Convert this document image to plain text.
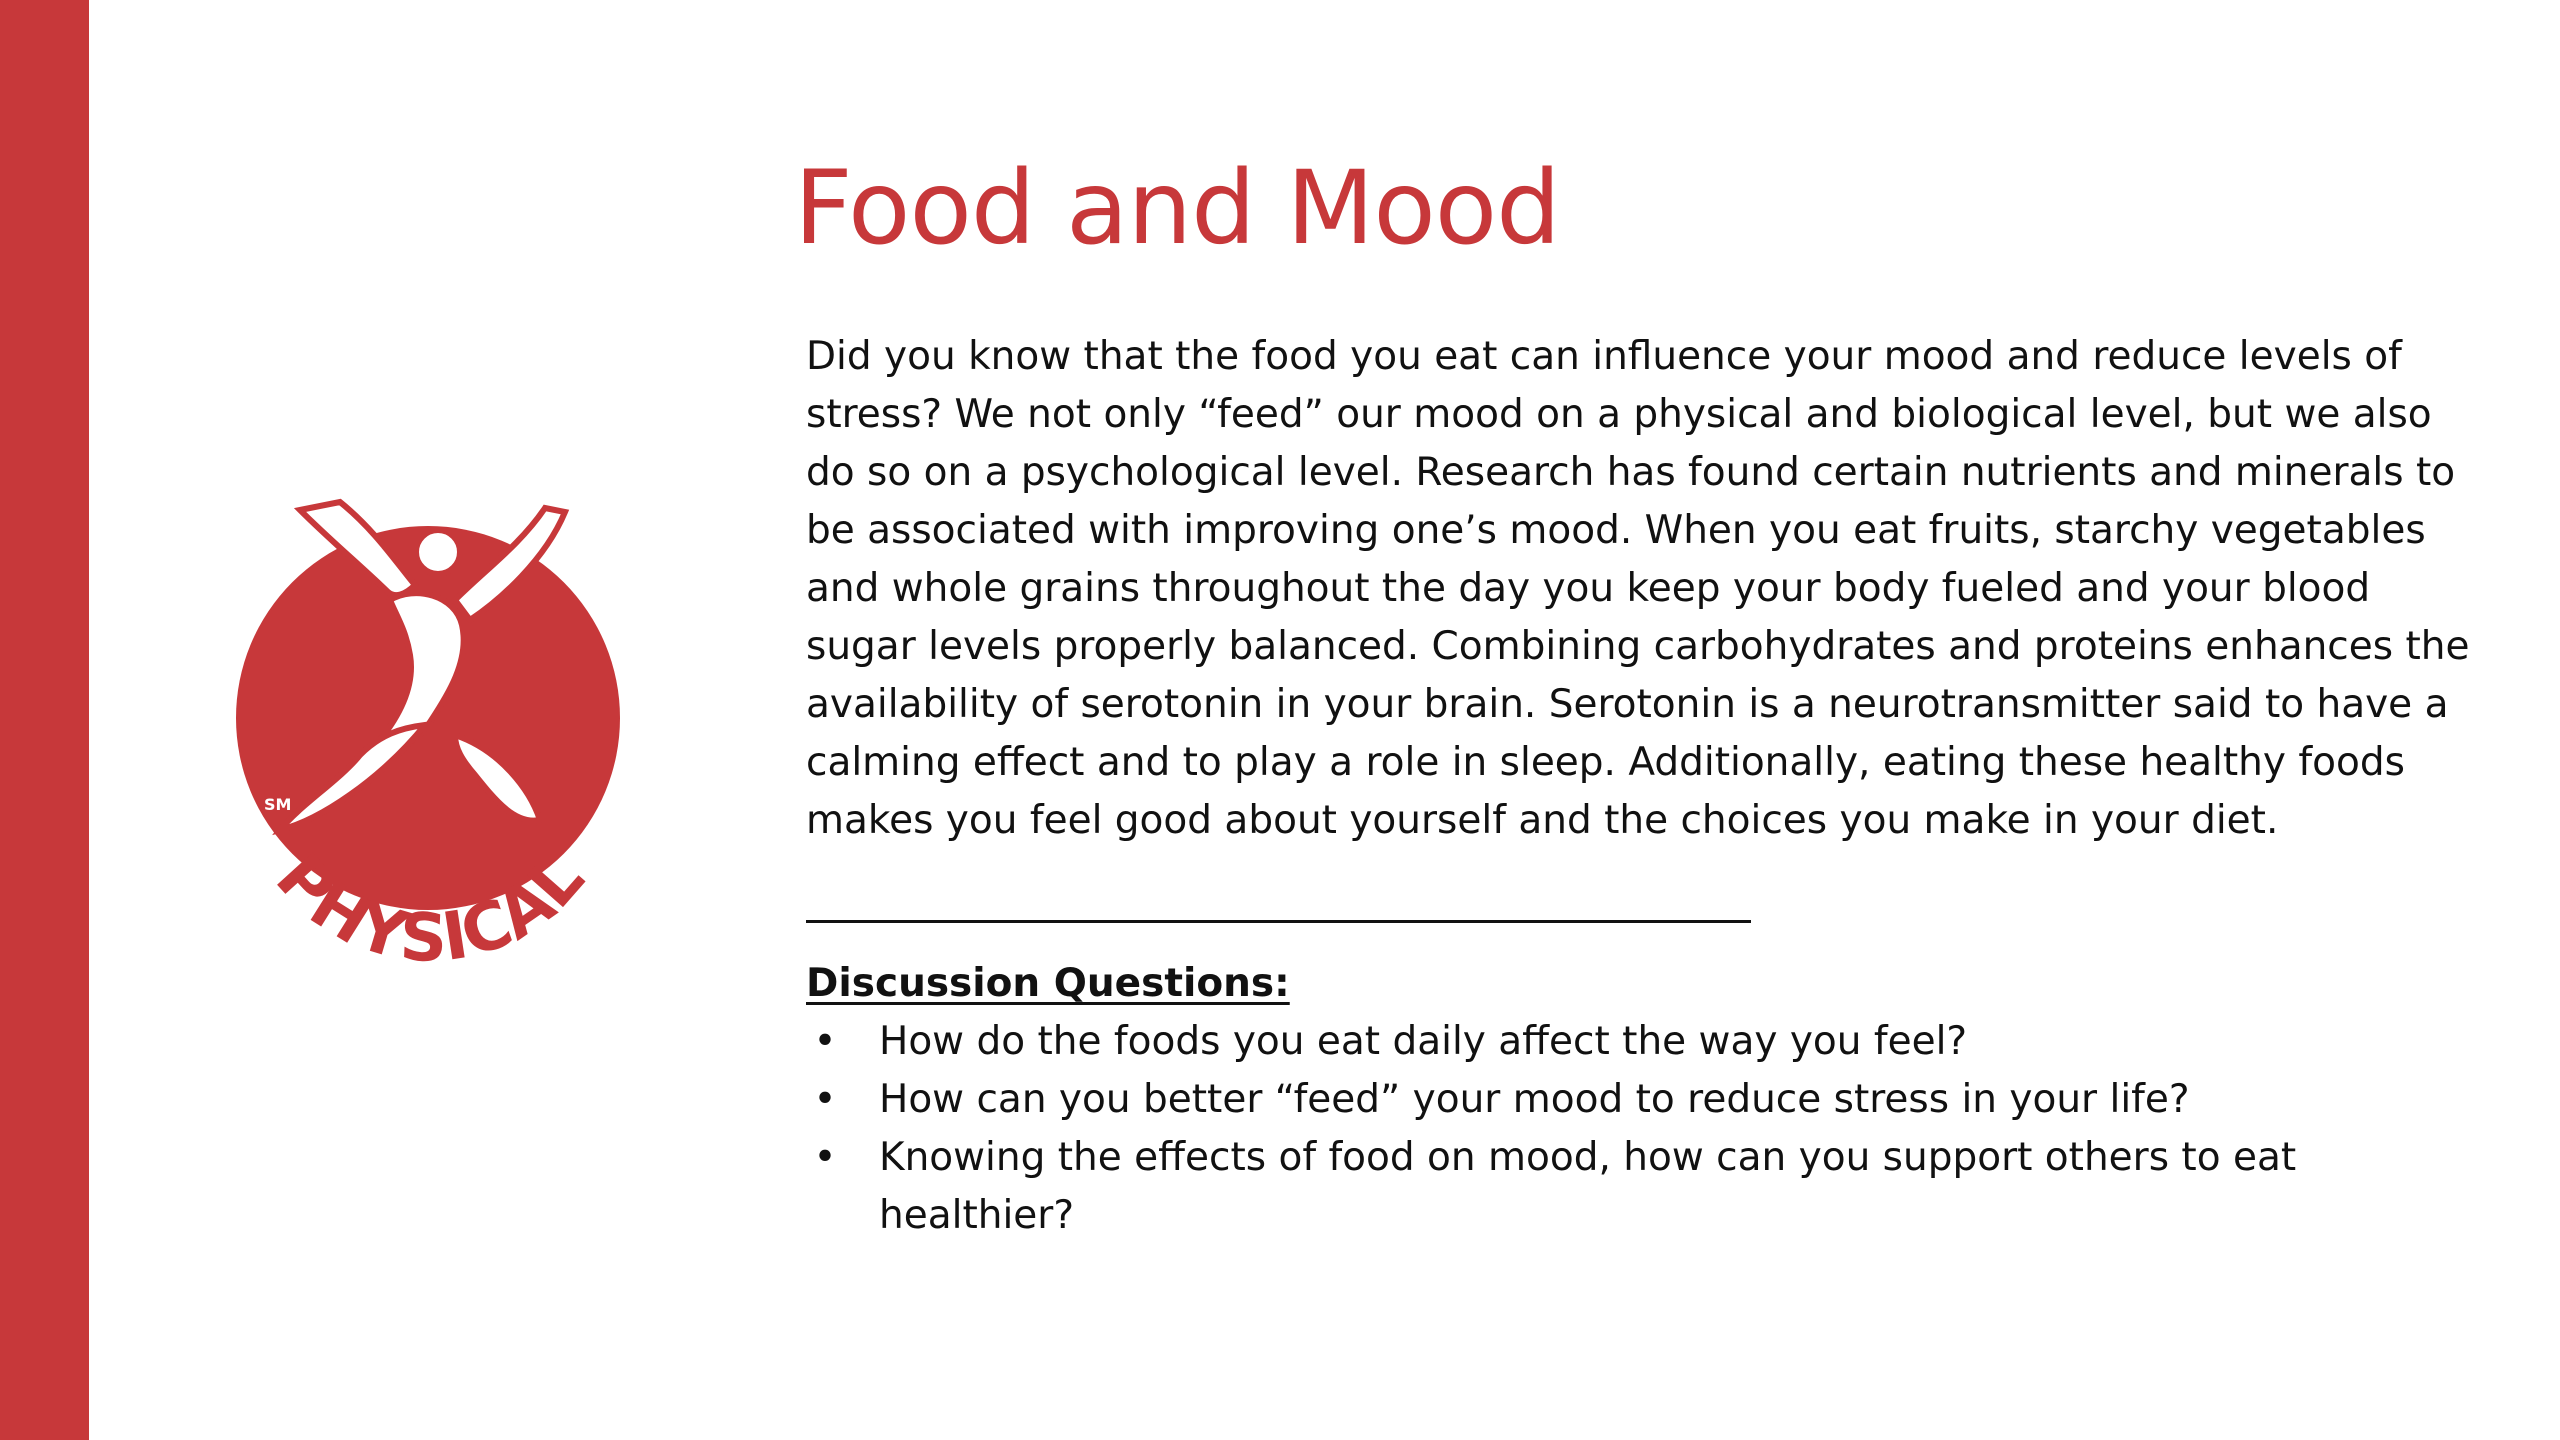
SM
PHYSICAL
Food and Mood

Did you know that the food you eat can influence your mood and reduce levels of stress? We not only “feed” our mood on a physical and biological level, but we also do so on a psychological level. Research has found certain nutrients and minerals to be associated with improving one’s mood. When you eat fruits, starchy vegetables and whole grains throughout the day you keep your body fueled and your blood sugar levels properly balanced. Combining carbohydrates and proteins enhances the availability of serotonin in your brain. Serotonin is a neurotransmitter said to have a calming effect and to play a role in sleep. Additionally, eating these healthy foods makes you feel good about yourself and the choices you make in your diet.

Discussion Questions:

• How do the foods you eat daily affect the way you feel?
• How can you better “feed” your mood to reduce stress in your life?
• Knowing the effects of food on mood, how can you support others to eat healthier?
